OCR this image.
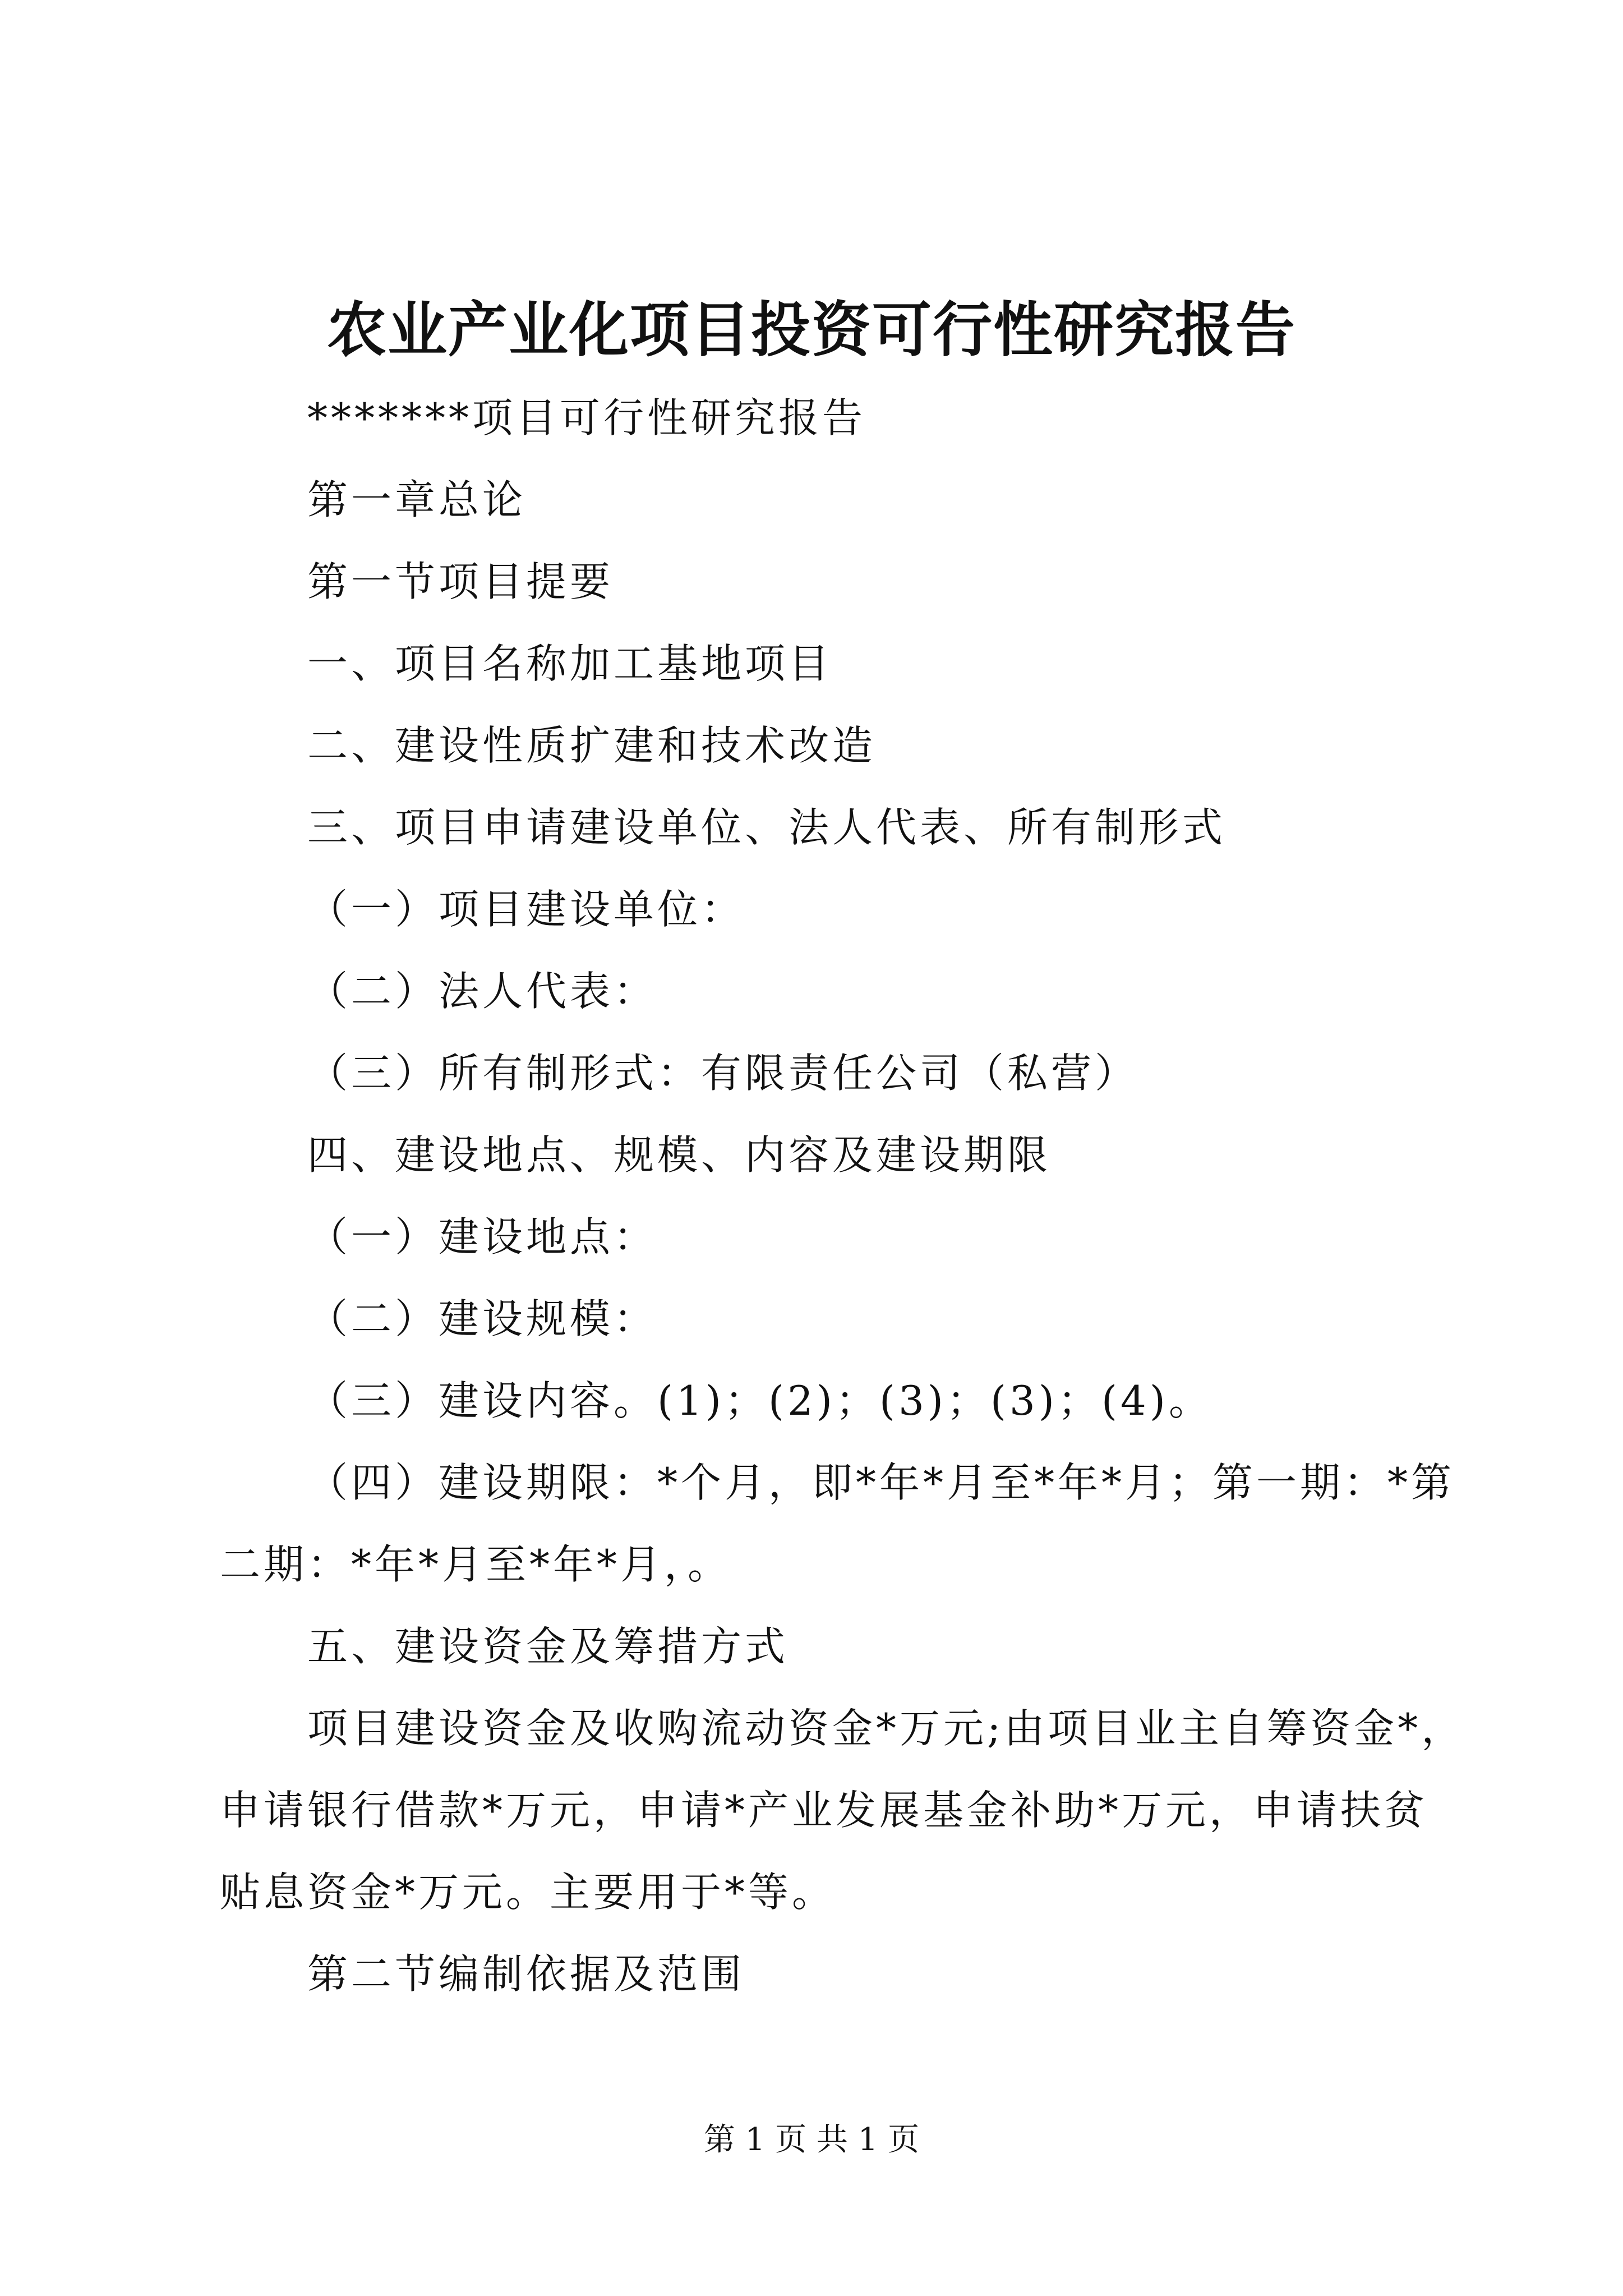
农业产业化项目投资可行性研究报告
*******项目可行性研究报告
第一章总论
第一节项目提要
一、项目名称加工基地项目
二、建设性质扩建和技术改造
三、项目申请建设单位、法人代表、所有制形式
（一）项目建设单位：
（二）法人代表：
（三）所有制形式：有限责任公司（私营）
四、建设地点、规模、内容及建设期限
（一）建设地点：
（二）建设规模：
（三）建设内容。(1)；(2)；(3)；(3)；(4)。
（四）建设期限：*个月，即*年*月至*年*月；第一期：*第
二期：*年*月至*年*月，。
五、建设资金及筹措方式
项目建设资金及收购流动资金*万元;由项目业主自筹资金*，
申请银行借款*万元，申请*产业发展基金补助*万元，申请扶贫
贴息资金*万元。主要用于*等。
第二节编制依据及范围
第 1 页 共 1 页
